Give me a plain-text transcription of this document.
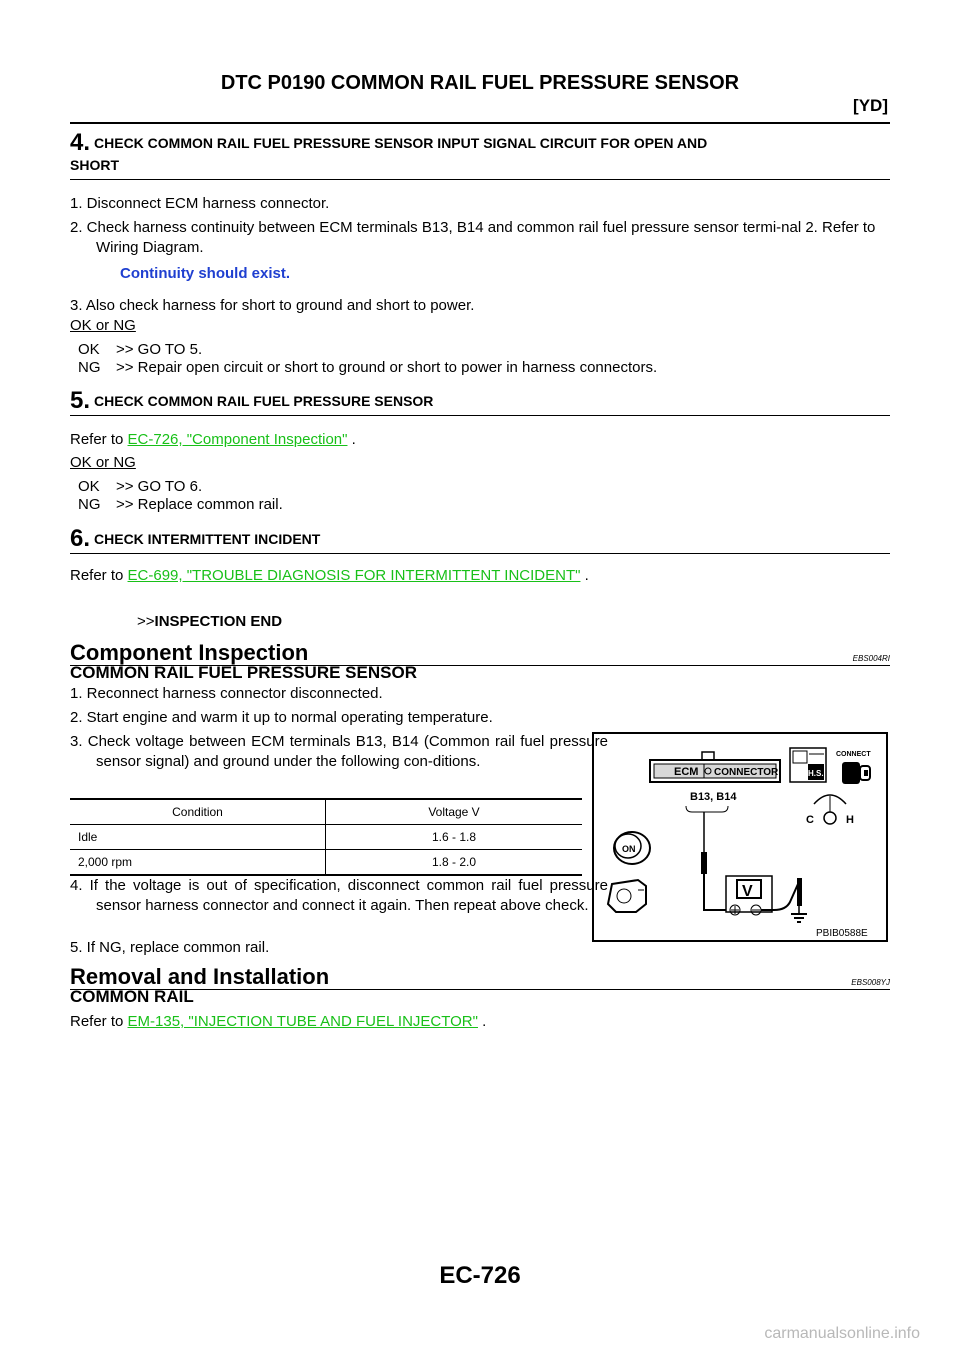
DTC P0190 COMMON RAIL FUEL PRESSURE SENSOR
[YD]
4. CHECK COMMON RAIL FUEL PRESSURE SENSOR INPUT SIGNAL CIRCUIT FOR OPEN AND
SHORT
1. Disconnect ECM harness connector.
2. Check harness continuity between ECM terminals B13, B14 and common rail fuel pressure sensor termi-nal 2. Refer to Wiring Diagram.
Continuity should exist.
3. Also check harness for short to ground and short to power.
OK or NG
OK >> GO TO 5.
NG >> Repair open circuit or short to ground or short to power in harness connectors.
5. CHECK COMMON RAIL FUEL PRESSURE SENSOR
Refer to EC-726, "Component Inspection" .
OK or NG
OK >> GO TO 6.
NG >> Replace common rail.
6. CHECK INTERMITTENT INCIDENT
Refer to EC-699, "TROUBLE DIAGNOSIS FOR INTERMITTENT INCIDENT" .
>>INSPECTION END
Component Inspection	EBS004RI
COMMON RAIL FUEL PRESSURE SENSOR
1. Reconnect harness connector disconnected.
2. Start engine and warm it up to normal operating temperature.
3. Check voltage between ECM terminals B13, B14 (Common rail fuel pressure sensor signal) and ground under the following con-ditions.
Condition	Voltage V
Idle	1.6 - 1.8
2,000 rpm	1.8 - 2.0
4. If the voltage is out of specification, disconnect common rail fuel pressure sensor harness connector and connect it again. Then repeat above check.
5. If NG, replace common rail.
ECM CONNECTOR
B13, B14
V
H.S.
CONNECT
C	H
ON
PBIB0588E
Removal and Installation	EBS008YJ
COMMON RAIL
Refer to EM-135, "INJECTION TUBE AND FUEL INJECTOR" .
EC-726
carmanualsonline.info
